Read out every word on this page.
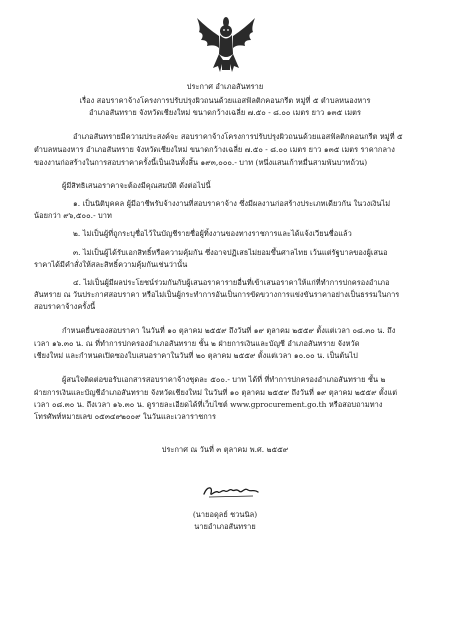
ประกาศ อำเภอสันทราย
เรื่อง สอบราคาจ้างโครงการปรับปรุงผิวถนนด้วยแอสฟัลติกคอนกรีต หมู่ที่ ๕ ตำบลหนองหาร
อำเภอสันทราย จังหวัดเชียงใหม่ ขนาดกว้างเฉลี่ย ๗.๕๐ - ๘.๐๐ เมตร ยาว ๑๓๕ เมตร
อำเภอสันทรายมีความประสงค์จะ สอบราคาจ้างโครงการปรับปรุงผิวถนนด้วยแอสฟัลติกคอนกรีต หมู่ที่ ๕
ตำบลหนองหาร อำเภอสันทราย จังหวัดเชียงใหม่ ขนาดกว้างเฉลี่ย ๗.๕๐ - ๘.๐๐ เมตร ยาว ๑๓๕ เมตร ราคากลาง
ของงานก่อสร้างในการสอบราคาครั้งนี้เป็นเงินทั้งสิ้น ๑๙๓,๐๐๐.- บาท (หนึ่งแสนเก้าหมื่นสามพันบาทถ้วน)
ผู้มีสิทธิเสนอราคาจะต้องมีคุณสมบัติ ดังต่อไปนี้
๑. เป็นนิติบุคคล ผู้มีอาชีพรับจ้างงานที่สอบราคาจ้าง ซึ่งมีผลงานก่อสร้างประเภทเดียวกัน ในวงเงินไม่
น้อยกว่า ๙๖,๕๐๐.- บาท
๒. ไม่เป็นผู้ที่ถูกระบุชื่อไว้ในบัญชีรายชื่อผู้ทิ้งงานของทางราชการและได้แจ้งเวียนชื่อแล้ว
๓. ไม่เป็นผู้ได้รับเอกสิทธิ์หรือความคุ้มกัน ซึ่งอาจปฏิเสธไม่ยอมขึ้นศาลไทย เว้นแต่รัฐบาลของผู้เสนอ
ราคาได้มีคำสั่งให้สละสิทธิ์ความคุ้มกันเช่นว่านั้น
๔. ไม่เป็นผู้มีผลประโยชน์ร่วมกันกับผู้เสนอราคารายอื่นที่เข้าเสนอราคาให้แก่ที่ทำการปกครองอำเภอ
สันทราย ณ วันประกาศสอบราคา หรือไม่เป็นผู้กระทำการอันเป็นการขัดขวางการแข่งขันราคาอย่างเป็นธรรมในการ
สอบราคาจ้างครั้งนี้
กำหนดยื่นซองสอบราคา ในวันที่ ๑๐ ตุลาคม ๒๕๕๙ ถึงวันที่ ๑๙ ตุลาคม ๒๕๕๙ ตั้งแต่เวลา ๐๘.๓๐ น. ถึง
เวลา ๑๖.๓๐ น. ณ ที่ทำการปกครองอำเภอสันทราย ชั้น ๒ ฝ่ายการเงินและบัญชี อำเภอสันทราย จังหวัด
เชียงใหม่ และกำหนดเปิดซองใบเสนอราคาในวันที่ ๒๐ ตุลาคม ๒๕๕๙ ตั้งแต่เวลา ๑๐.๐๐ น. เป็นต้นไป
ผู้สนใจติดต่อขอรับเอกสารสอบราคาจ้างชุดละ ๕๐๐.- บาท ได้ที่ ที่ทำการปกครองอำเภอสันทราย ชั้น ๒
ฝ่ายการเงินและบัญชีอำเภอสันทราย จังหวัดเชียงใหม่ ในวันที่ ๑๐ ตุลาคม ๒๕๕๙ ถึงวันที่ ๑๙ ตุลาคม ๒๕๕๙ ตั้งแต่
เวลา ๐๘.๓๐ น. ถึงเวลา ๑๖.๓๐ น. ดูรายละเอียดได้ที่เว็บไซต์ www.gprocurement.go.th หรือสอบถามทาง
โทรศัพท์หมายเลข ๐๕๓๔๙๒๐๐๙ ในวันและเวลาราชการ
ประกาศ ณ วันที่ ๓ ตุลาคม พ.ศ. ๒๕๕๙
(นายอดุลย์ ชวนนิล)
นายอำเภอสันทราย
